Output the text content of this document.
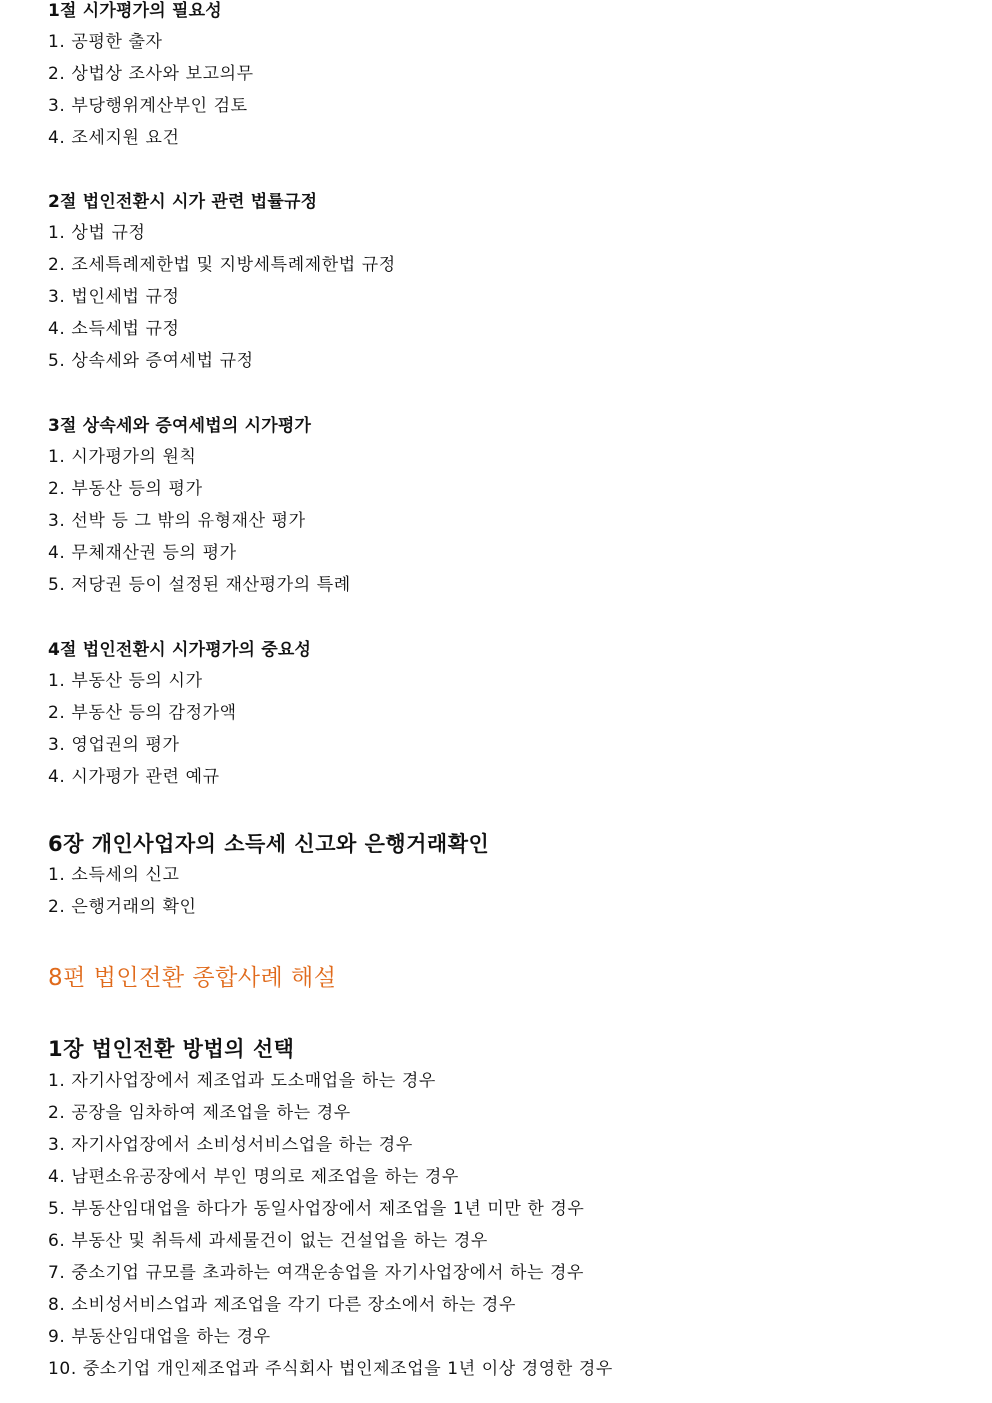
1절 시가평가의 필요성
1. 공평한 출자
2. 상법상 조사와 보고의무
3. 부당행위계산부인 검토
4. 조세지원 요건
2절 법인전환시 시가 관련 법률규정
1. 상법 규정
2. 조세특례제한법 및 지방세특례제한법 규정
3. 법인세법 규정
4. 소득세법 규정
5. 상속세와 증여세법 규정
3절 상속세와 증여세법의 시가평가
1. 시가평가의 원칙
2. 부동산 등의 평가
3. 선박 등 그 밖의 유형재산 평가
4. 무체재산권 등의 평가
5. 저당권 등이 설정된 재산평가의 특례
4절 법인전환시 시가평가의 중요성
1. 부동산 등의 시가
2. 부동산 등의 감정가액
3. 영업권의 평가
4. 시가평가 관련 예규
6장 개인사업자의 소득세 신고와 은행거래확인
1. 소득세의 신고
2. 은행거래의 확인
8편 법인전환 종합사례 해설
1장 법인전환 방법의 선택
1. 자기사업장에서 제조업과 도소매업을 하는 경우
2. 공장을 임차하여 제조업을 하는 경우
3. 자기사업장에서 소비성서비스업을 하는 경우
4. 남편소유공장에서 부인 명의로 제조업을 하는 경우
5. 부동산임대업을 하다가 동일사업장에서 제조업을 1년 미만 한 경우
6. 부동산 및 취득세 과세물건이 없는 건설업을 하는 경우
7. 중소기업 규모를 초과하는 여객운송업을 자기사업장에서 하는 경우
8. 소비성서비스업과 제조업을 각기 다른 장소에서 하는 경우
9. 부동산임대업을 하는 경우
10. 중소기업 개인제조업과 주식회사 법인제조업을 1년 이상 경영한 경우
